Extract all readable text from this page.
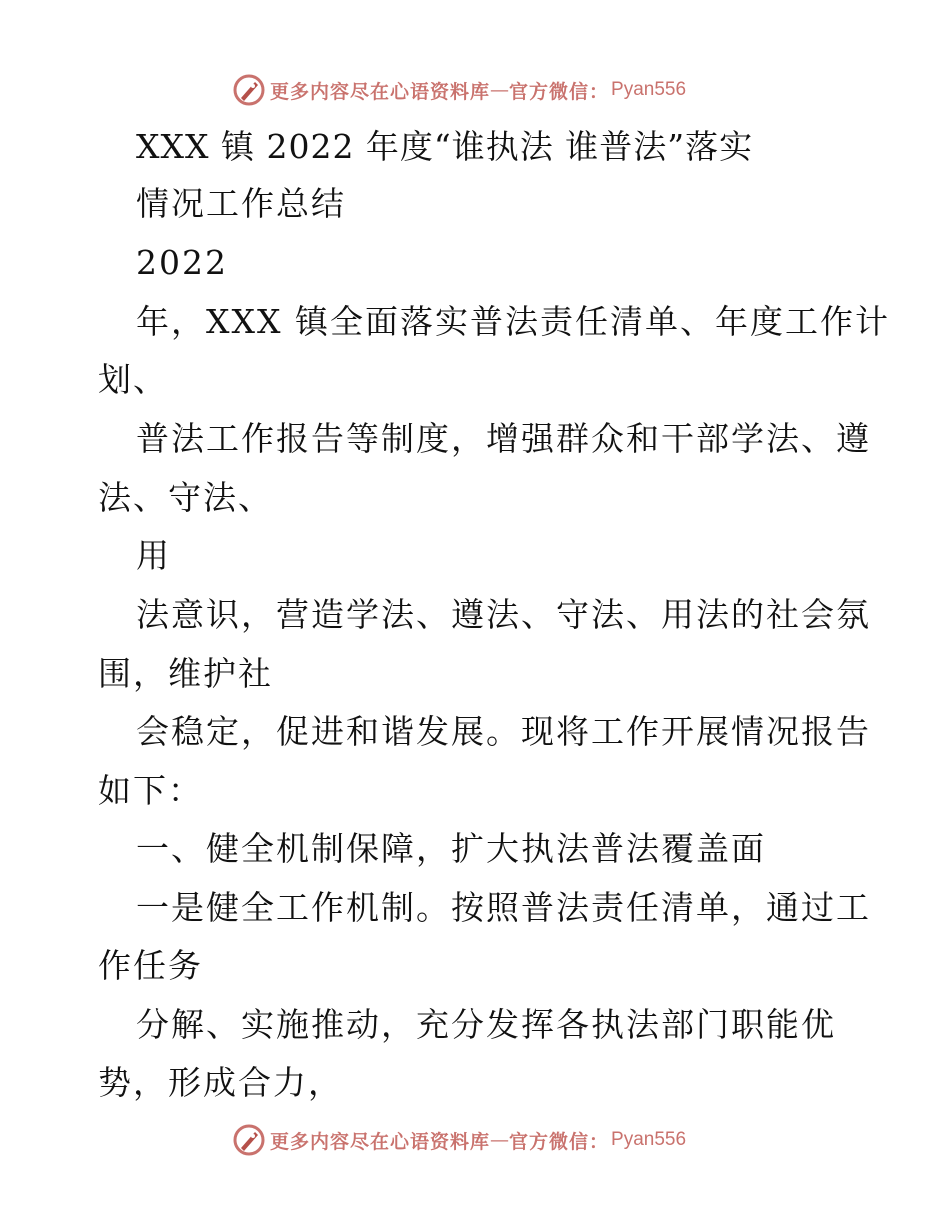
更多内容尽在心语资料库 — 官方微信： Pyan556
XXX 镇 2022 年度“谁执法 谁普法”落实
情况工作总结
2022
年，XXX 镇全面落实普法责任清单、年度工作计
划、
普法工作报告等制度，增强群众和干部学法、遵
法、守法、
用
法意识，营造学法、遵法、守法、用法的社会氛
围，维护社
会稳定，促进和谐发展。现将工作开展情况报告
如下：
一、健全机制保障，扩大执法普法覆盖面
一是健全工作机制。按照普法责任清单，通过工
作任务
分解、实施推动，充分发挥各执法部门职能优
势，形成合力，
更多内容尽在心语资料库 — 官方微信： Pyan556
